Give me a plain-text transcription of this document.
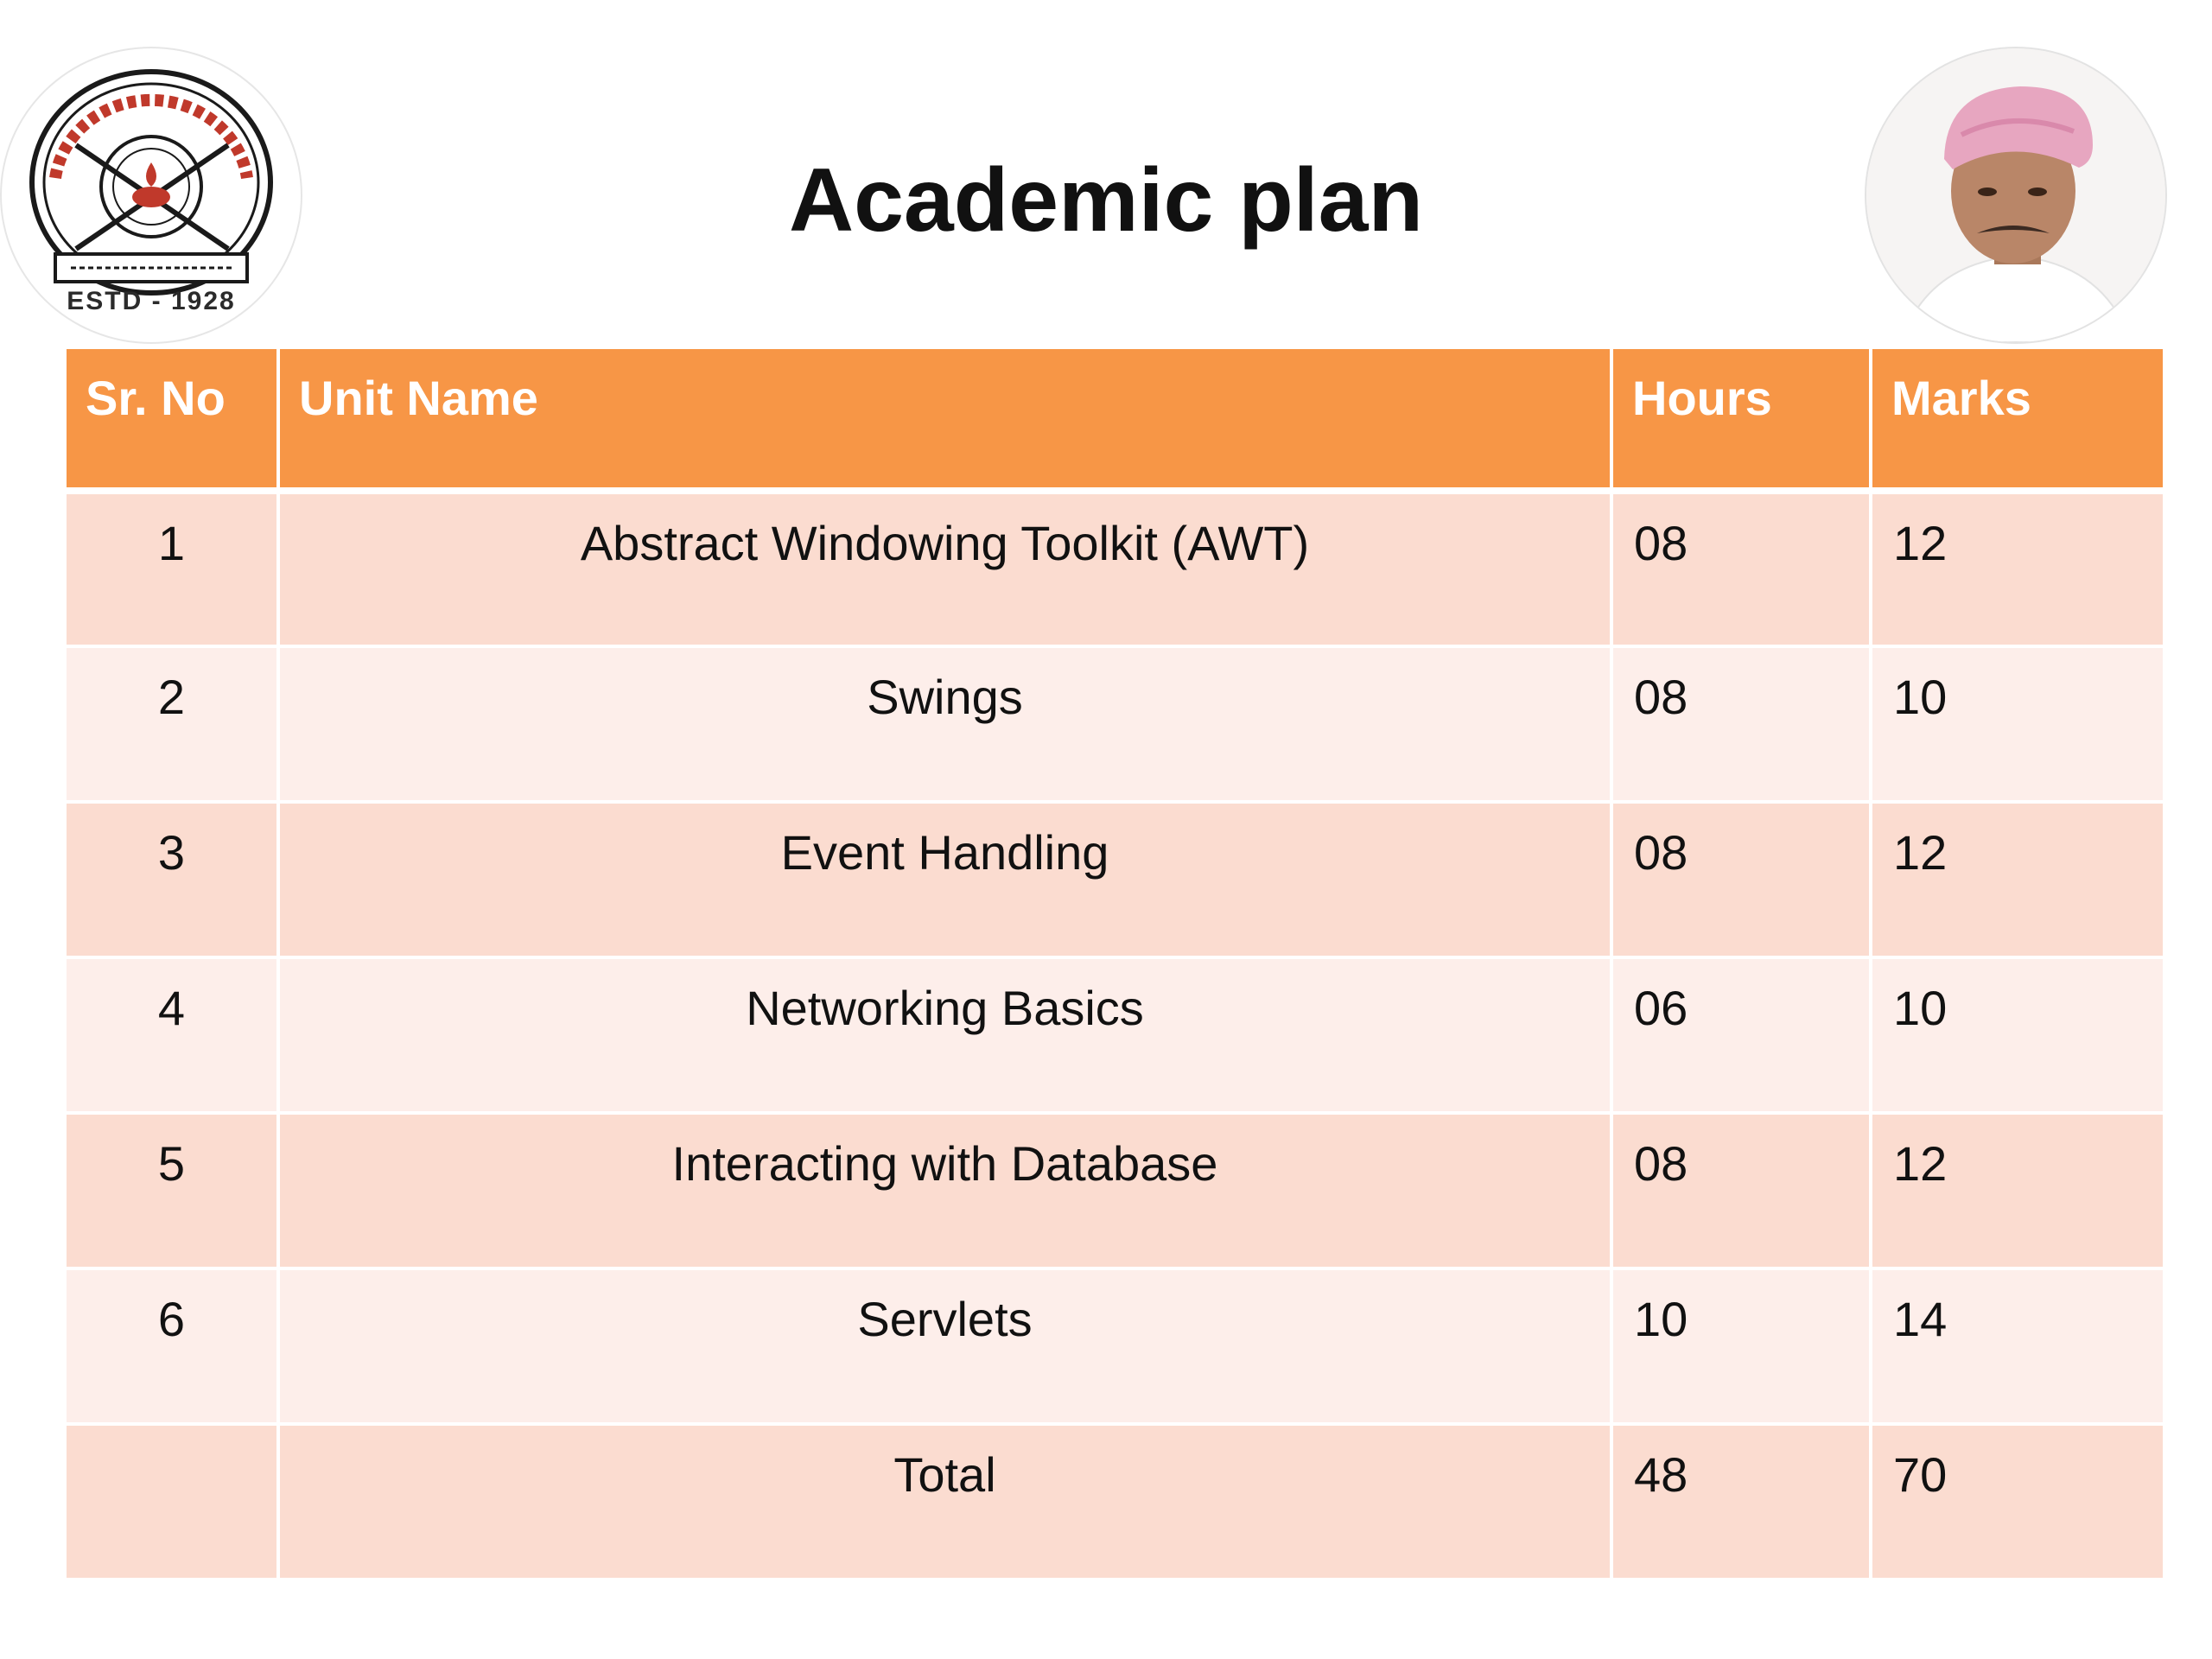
ESTD - 1928
Academic plan
Sr. No	Unit Name	Hours	Marks
1	Abstract Windowing Toolkit (AWT)	08	12
2	Swings	08	10
3	Event Handling	08	12
4	Networking Basics	06	10
5	Interacting with Database	08	12
6	Servlets	10	14
	Total	48	70
